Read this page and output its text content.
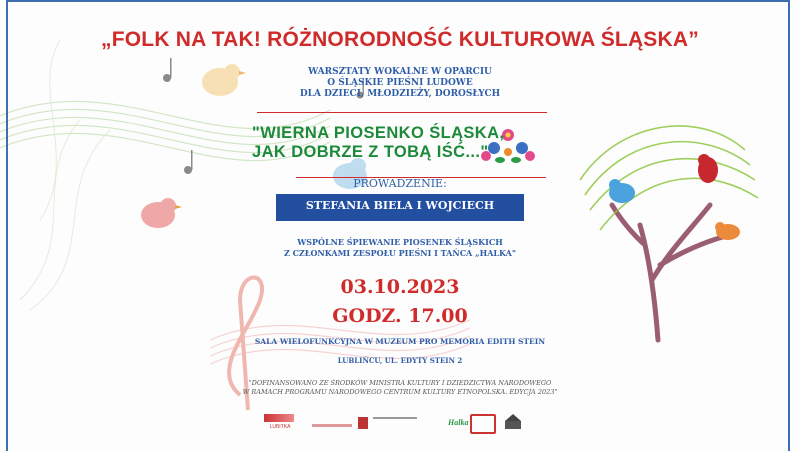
„FOLK NA TAK! RÓŻNORODNOŚĆ KULTUROWA ŚLĄSKA”
WARSZTATY WOKALNE W OPARCIU
O ŚLĄSKIE PIEŚNI LUDOWE
DLA DZIECI, MŁODZIEŻY, DOROSŁYCH
"WIERNA PIOSENKO ŚLĄSKA,
JAK DOBRZE Z TOBĄ IŚĆ..."
PROWADZENIE:
STEFANIA BIELA I WOJCIECH POPRAWA
WSPÓLNE ŚPIEWANIE PIOSENEK ŚLĄSKICH
Z CZŁONKAMI ZESPOŁU PIEŚNI I TAŃCA „HALKA"
03.10.2023
GODZ. 17.00
SALA WIELOFUNKCYJNA W MUZEUM PRO MEMORIA EDITH STEIN
LUBLIŃCU, UL. EDYTY STEIN 2
"DOFINANSOWANO ZE ŚRODKÓW MINISTRA KULTURY I DZIEDZICTWA NARODOWEGO
W RAMACH PROGRAMU NARODOWEGO CENTRUM KULTURY ETNOPOLSKA. EDYCJA 2023"
LUBITKA
	Halka
